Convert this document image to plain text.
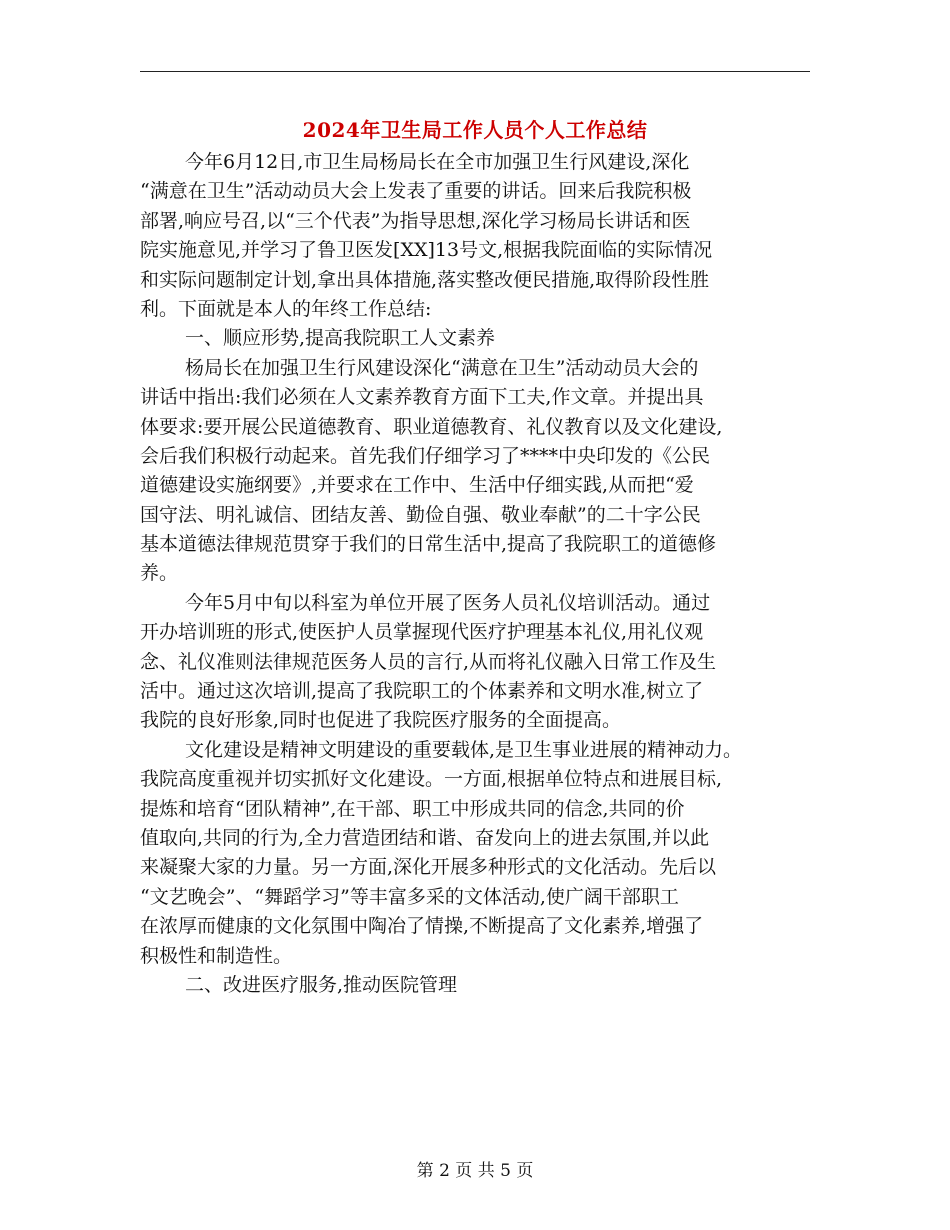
2024年卫生局工作人员个人工作总结
今年6月12日,市卫生局杨局长在全市加强卫生行风建设,深化
“满意在卫生”活动动员大会上发表了重要的讲话。回来后我院积极
部署,响应号召,以“三个代表”为指导思想,深化学习杨局长讲话和医
院实施意见,并学习了鲁卫医发[XX]13号文,根据我院面临的实际情况
和实际问题制定计划,拿出具体措施,落实整改便民措施,取得阶段性胜
利。下面就是本人的年终工作总结:
一、顺应形势,提高我院职工人文素养
杨局长在加强卫生行风建设深化“满意在卫生”活动动员大会的
讲话中指出:我们必须在人文素养教育方面下工夫,作文章。并提出具
体要求:要开展公民道德教育、职业道德教育、礼仪教育以及文化建设,
会后我们积极行动起来。首先我们仔细学习了****中央印发的《公民
道德建设实施纲要》,并要求在工作中、生活中仔细实践,从而把“爱
国守法、明礼诚信、团结友善、勤俭自强、敬业奉献”的二十字公民
基本道德法律规范贯穿于我们的日常生活中,提高了我院职工的道德修
养。
今年5月中旬以科室为单位开展了医务人员礼仪培训活动。通过
开办培训班的形式,使医护人员掌握现代医疗护理基本礼仪,用礼仪观
念、礼仪准则法律规范医务人员的言行,从而将礼仪融入日常工作及生
活中。通过这次培训,提高了我院职工的个体素养和文明水准,树立了
我院的良好形象,同时也促进了我院医疗服务的全面提高。
文化建设是精神文明建设的重要载体,是卫生事业进展的精神动力。
我院高度重视并切实抓好文化建设。一方面,根据单位特点和进展目标,
提炼和培育“团队精神”,在干部、职工中形成共同的信念,共同的价
值取向,共同的行为,全力营造团结和谐、奋发向上的进去氛围,并以此
来凝聚大家的力量。另一方面,深化开展多种形式的文化活动。先后以
“文艺晚会”、“舞蹈学习”等丰富多采的文体活动,使广阔干部职工
在浓厚而健康的文化氛围中陶冶了情操,不断提高了文化素养,增强了
积极性和制造性。
二、改进医疗服务,推动医院管理
第 2 页 共 5 页
